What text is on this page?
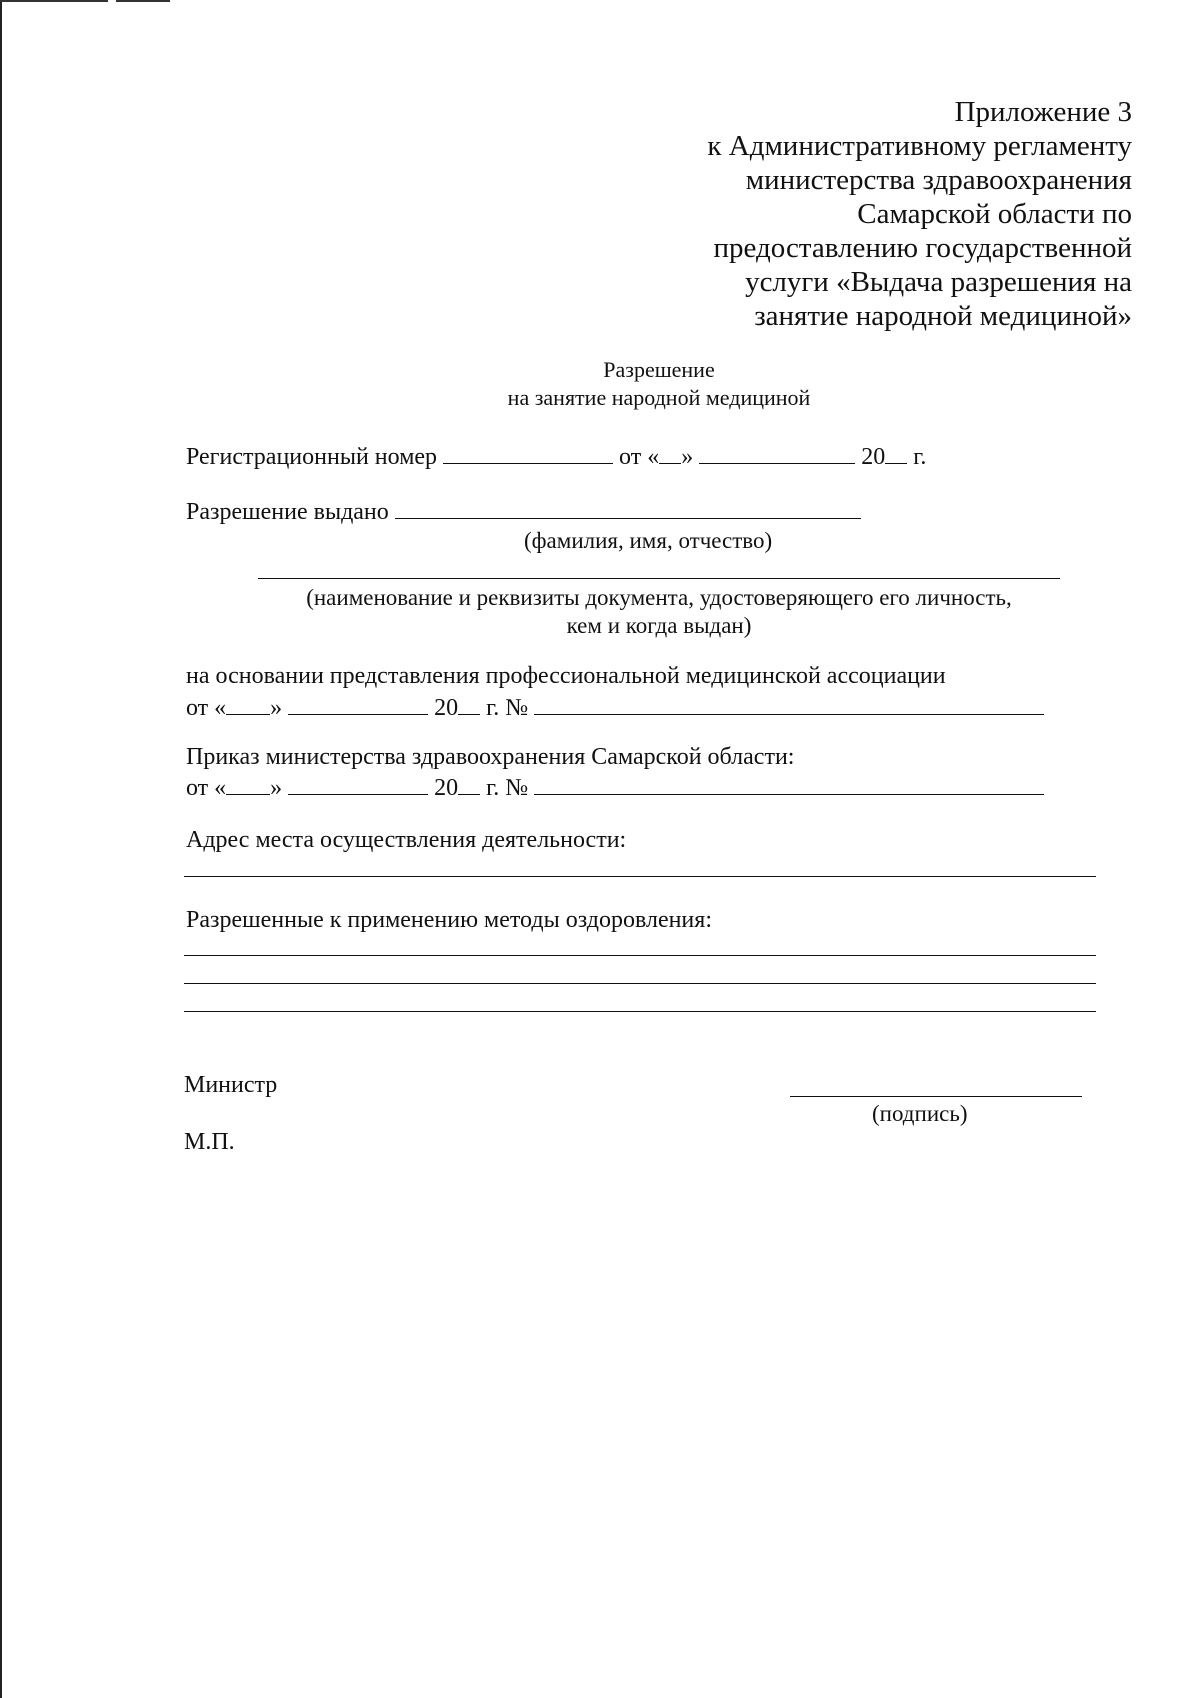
Приложение 3
к Административному регламенту
министерства здравоохранения
Самарской области по
предоставлению государственной
услуги «Выдача разрешения на
занятие народной медициной»
Разрешение
на занятие народной медициной
Регистрационный номер	от « »	20 г.
Разрешение выдано
(фамилия, имя, отчество)
(наименование и реквизиты документа, удостоверяющего его личность,
кем и когда выдан)
на основании представления профессиональной медицинской ассоциации
от « »	20 г. №
Приказ министерства здравоохранения Самарской области:
от « »	20 г. №
Адрес места осуществления деятельности:
Разрешенные к применению методы оздоровления:
Министр
(подпись)
М.П.
